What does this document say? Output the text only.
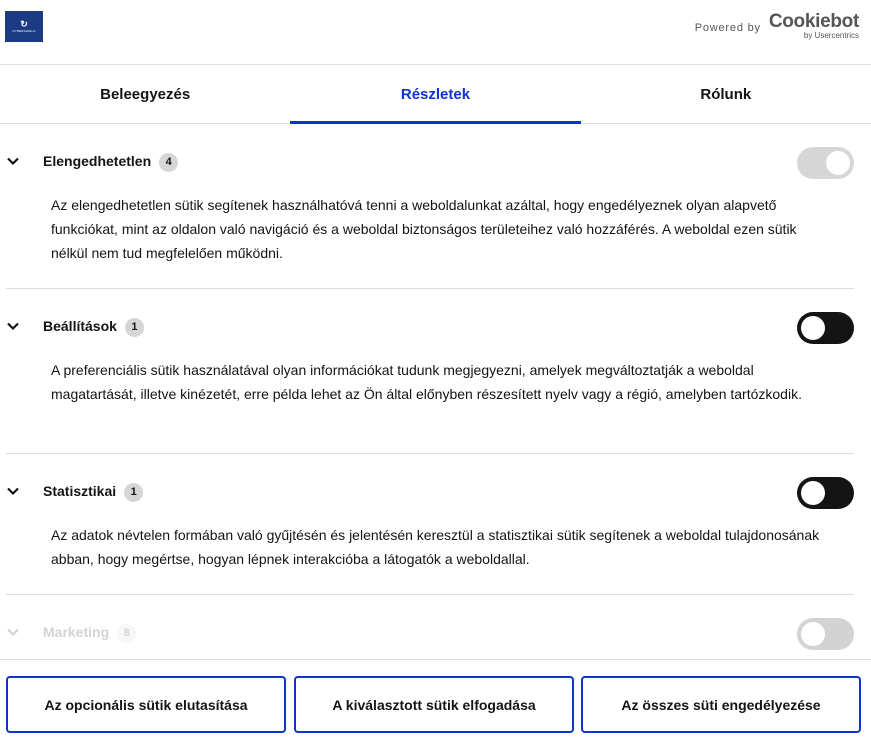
↻
CYBERSHIELD	Powered by Cookiebot
by Usercentrics
Beleegyezés	Részletek	Rólunk
Elengedhetetlen 4

Az elengedhetetlen sütik segítenek használhatóvá tenni a weboldalunkat azáltal, hogy engedélyeznek olyan alapvető funkciókat, mint az oldalon való navigáció és a weboldal biztonságos területeihez való hozzáférés. A weboldal ezen sütik nélkül nem tud megfelelően működni.

Beállítások 1

A preferenciális sütik használatával olyan információkat tudunk megjegyezni, amelyek megváltoztatják a weboldal magatartását, illetve kinézetét, erre példa lehet az Ön által előnyben részesített nyelv vagy a régió, amelyben tartózkodik.

Statisztikai 1

Az adatok névtelen formában való gyűjtésén és jelentésén keresztül a statisztikai sütik segítenek a weboldal tulajdonosának abban, hogy megértse, hogyan lépnek interakcióba a látogatók a weboldallal.

Marketing 8
Az opcionális sütik elutasítása	A kiválasztott sütik elfogadása	Az összes süti engedélyezése
